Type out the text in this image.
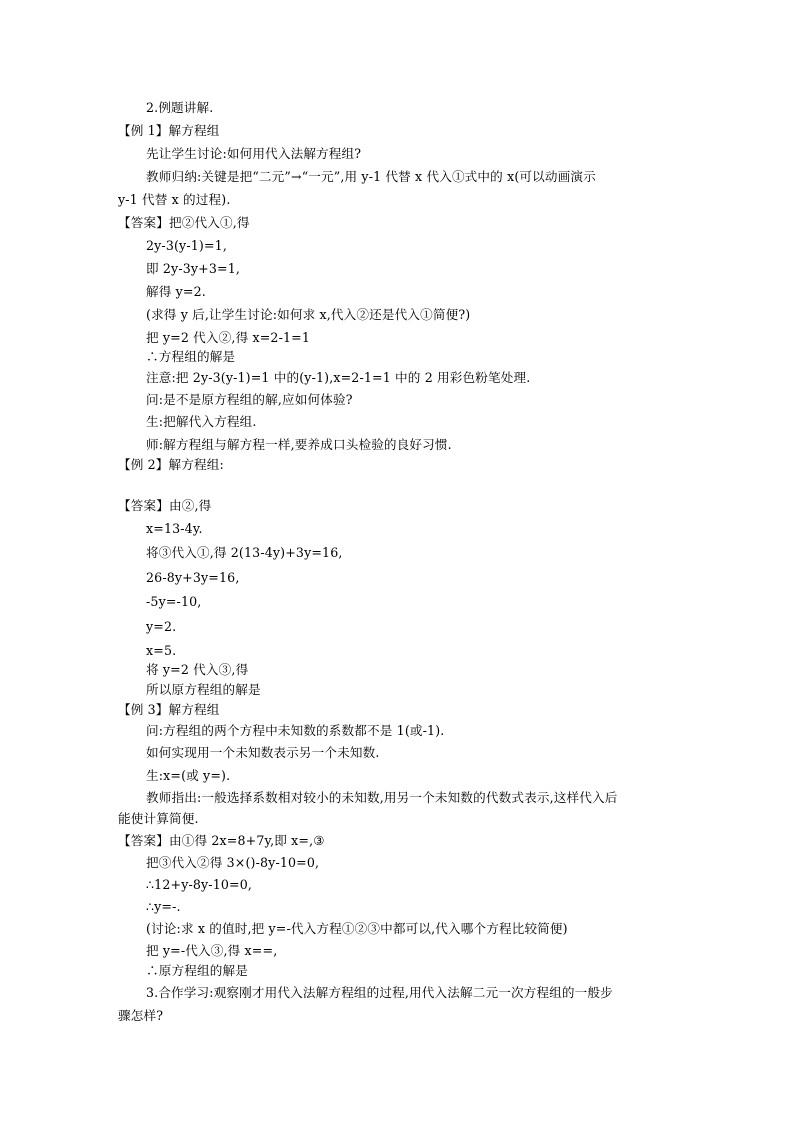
2.例题讲解.
【例 1】解方程组
先让学生讨论:如何用代入法解方程组?
教师归纳:关键是把“二元”→“一元”,用 y-1 代替 x 代入①式中的 x(可以动画演示
y-1 代替 x 的过程).
【答案】把②代入①,得
2y-3(y-1)=1,
即 2y-3y+3=1,
解得 y=2.
(求得 y 后,让学生讨论:如何求 x,代入②还是代入①简便?)
把 y=2 代入②,得 x=2-1=1
∴方程组的解是
注意:把 2y-3(y-1)=1 中的(y-1),x=2-1=1 中的 2 用彩色粉笔处理.
问:是不是原方程组的解,应如何体验?
生:把解代入方程组.
师:解方程组与解方程一样,要养成口头检验的良好习惯.
【例 2】解方程组:
【答案】由②,得
x=13-4y.
将③代入①,得 2(13-4y)+3y=16,
26-8y+3y=16,
-5y=-10,
y=2.
x=5.
将 y=2 代入③,得
所以原方程组的解是
【例 3】解方程组
问:方程组的两个方程中未知数的系数都不是 1(或-1).
如何实现用一个未知数表示另一个未知数.
生:x=(或 y=).
教师指出:一般选择系数相对较小的未知数,用另一个未知数的代数式表示,这样代入后
能使计算简便.
【答案】由①得 2x=8+7y,即 x=,③
把③代入②得 3×()-8y-10=0,
∴12+y-8y-10=0,
∴y=-.
(讨论:求 x 的值时,把 y=-代入方程①②③中都可以,代入哪个方程比较简便)
把 y=-代入③,得 x==,
∴原方程组的解是
3.合作学习:观察刚才用代入法解方程组的过程,用代入法解二元一次方程组的一般步
骤怎样?
